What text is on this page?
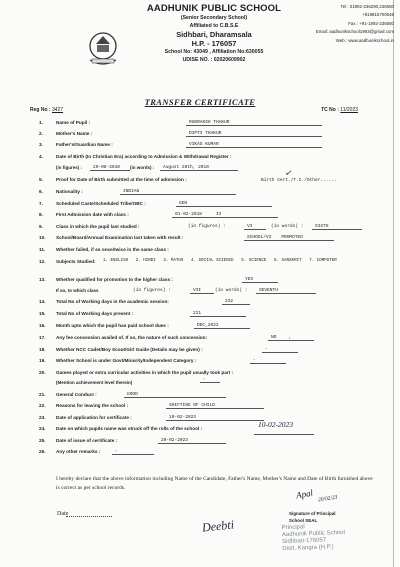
AADHUNIK PUBLIC SCHOOL
(Senior Secondary School)
Affiliated to C.B.S.E
Sidhbari, Dharamsala
H.P. - 176057
School No: 43049 , Affiliation No:630055
UDISE NO. : 02020609902
Tel : 01892-236290,236550
+919816700548
Fax : +91-1892-236550
Email: aadhunikschool1993@gmail.com
Web : www.aadhunikschool.in
TRANSFER CERTIFICATE
Reg No : 3427	TC No : 11/2023
1.	Name of Pupil :	RUDRAKSH THAKUR
2.	Mother's Name :	DIPTI THAKUR
3.	Father's/Guardian Name :	VIKAS KUMAR
4.	Date of Birth (In Christian Era) according to Admission & Withdrawal Register :
(in figures) :	20-08-2010	(in words) :	August 20th, 2010
5.	Proof for Date of Birth submitted at the time of admission :	Birth Cert./T.C./Other......
✓
6.	Nationality :	INDIAN
7.	Scheduled Caste/Scheduled Tribe/OBC :	GEN
8.	First Admission date with class :	01-02-2018	II
9.	Class in which the pupil last studied :	(in figures) :	VI	(in words) :	SIXTH
10. School/Board/Annual Examination last taken with result :	SCHOOL/VI PROMOTED
11. Whether failed, if so once/twice in the same class :
12. Subjects Studied:	1. ENGLISH 2. HINDI 3. MATHS 4. SOCIAL SCIENCE 5. SCIENCE 6. SANSKRIT 7. COMPUTER
13. Whether qualified for promotion to the higher class :	YES
If so, to which class	(in figures) :	VII	(in words) :	SEVENTH
14. Total No of Working days in the academic session:	232
15. Total No of Working days present :	221
16. Month upto which the pupil has paid school dues :	DEC,2022
17. Any fee concession availed of. If so, the nature of such concession:	NO	,
18. Whether NCC Cadet/Boy Scout/Girl Guide (Details may be given) :	-
19. Whether School is under Govt/Minority/Independent Category :	-
20. Games played or extra curricular activities in which the pupil usually took part :
(Mention achievement level therein)
-
21. General Conduct :	GOOD
22. Reasons for leaving the school :	SHIFTING OF CHILD
23. Date of application for certificate :	10-02-2023
24. Date on which pupils name was struck off the rolls of the school :	10-02-2023
25. Date of issue of certificate :	20-02-2023
26. Any other remarks :	-
I hereby declare that the above information including Name of the Candidate, Father's Name, Mother's Name and Date of Birth furnished above is correct as per school records.
Date
Deebti
Apal 20/02/23
Signature of Principal
School SEAL
Principal
Aadhunik Public School
Sidhbari-176057
Distt. Kangra (H.P.)
